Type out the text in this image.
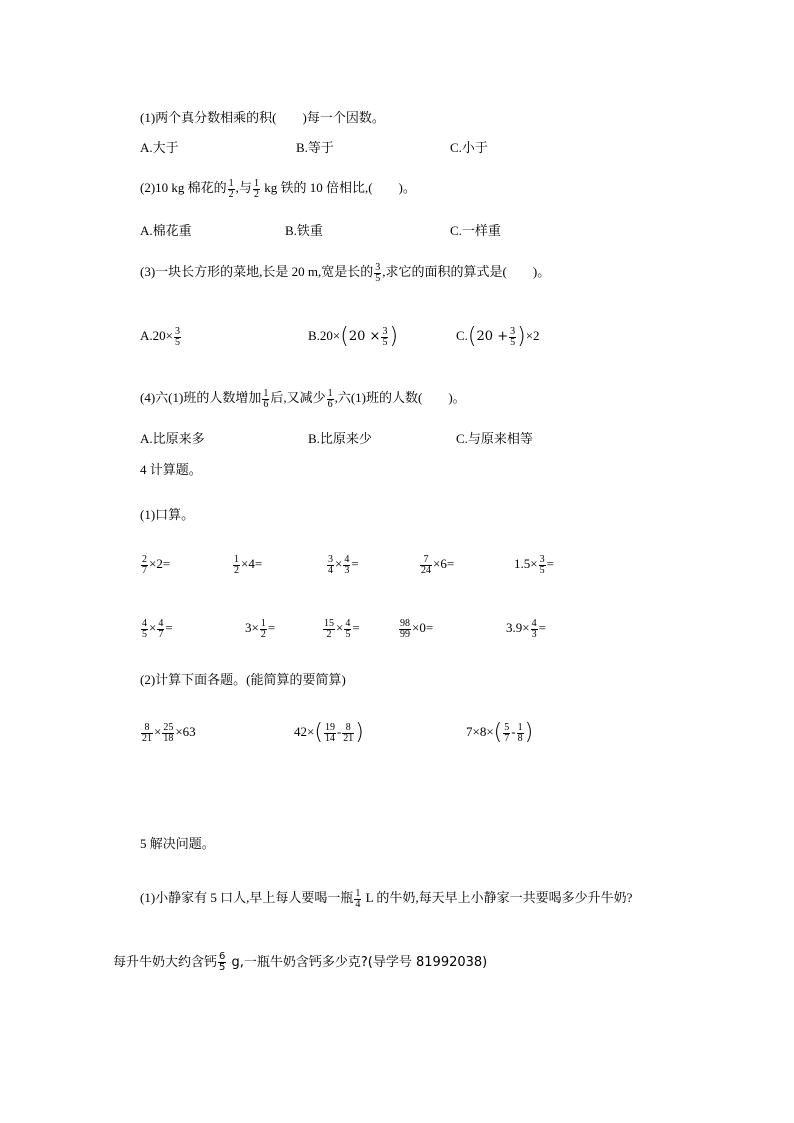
(1)两个真分数相乘的积(　　)每一个因数。
A.大于	B.等于	C.小于
(2)10 kg 棉花的 $\frac{1}{2}$ ,与 $\frac{1}{2}$ kg 铁的 10 倍相比,(　　)。
A.棉花重	B.铁重	C.一样重
(3)一块长方形的菜地,长是 20 m,宽是长的 $\frac{3}{5}$ ,求它的面积的算式是(　　)。
$A.20\times \frac{3}{5}$	$B.20\times(20 \times \frac{3}{5}$ )	$C.(20 + \frac{3}{5} )\times 2$
(4)六(1)班的人数增加 $\frac{1}{6}$ 后,又减少 $\frac{1}{6}$ ,六(1)班的人数(　　)。
A.比原来多	B.比原来少	C.与原来相等
4 计算题。
(1)口算。
$\frac{2}{7} \times 2=$	$\frac{1}{2} \times 4=$	$\frac{3}{4} \times \frac{4}{3}$ =	$\frac{7}{24} \times 6=$	$1.5\times \frac{3}{5}$ =
$\frac{4}{5} \times \frac{4}{7}$ =	$3\times \frac{1}{2}$ =	$\frac{15}{2} \times \frac{4}{5}$ =	$\frac{98}{99} \times 0=$	$3.9\times \frac{4}{3}$ =
(2)计算下面各题。(能简算的要简算)
$\frac{8}{21} \times \frac{25}{18} \times 63$	$42\times( \frac{19}{14} - \frac{8}{21}$ )	$7\times 8\times( \frac{5}{7} - \frac{1}{8}$ )
5 解决问题。
(1)小静家有 5 口人,早上每人要喝一瓶 $\frac{1}{4}$ L 的牛奶,每天早上小静家一共要喝多少升牛奶?
每升牛奶大约含钙 $\frac{6}{5} g$,一瓶牛奶含钙多少克?(导学号 81992038)
